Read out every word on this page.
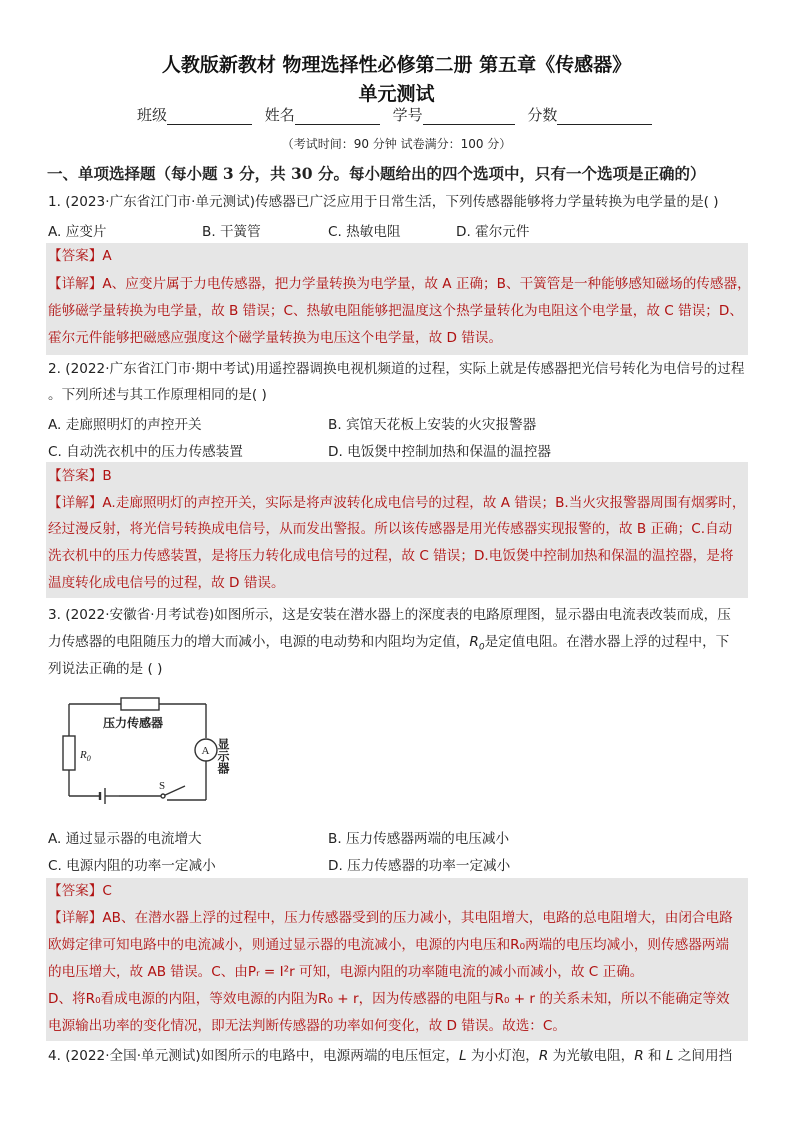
人教版新教材 物理选择性必修第二册 第五章《传感器》
单元测试
班级	姓名	学号	分数
（考试时间：90 分钟 试卷满分：100 分）
一、单项选择题（每小题 3 分，共 30 分。每小题给出的四个选项中，只有一个选项是正确的）
1. (2023·广东省江门市·单元测试)传感器已广泛应用于日常生活，下列传感器能够将力学量转换为电学量的是( )
A. 应变片	B. 干簧管	C. 热敏电阻	D. 霍尔元件
【答案】A
【详解】A、应变片属于力电传感器，把力学量转换为电学量，故 A 正确；B、干簧管是一种能够感知磁场的传感器，
能够磁学量转换为电学量，故 B 错误；C、热敏电阻能够把温度这个热学量转化为电阻这个电学量，故 C 错误；D、
霍尔元件能够把磁感应强度这个磁学量转换为电压这个电学量，故 D 错误。
2. (2022·广东省江门市·期中考试)用遥控器调换电视机频道的过程，实际上就是传感器把光信号转化为电信号的过程
。下列所述与其工作原理相同的是( )
A. 走廊照明灯的声控开关	B. 宾馆天花板上安装的火灾报警器
C. 自动洗衣机中的压力传感装置	D. 电饭煲中控制加热和保温的温控器
【答案】B
【详解】A.走廊照明灯的声控开关，实际是将声波转化成电信号的过程，故 A 错误；B.当火灾报警器周围有烟雾时，
经过漫反射，将光信号转换成电信号，从而发出警报。所以该传感器是用光传感器实现报警的，故 B 正确；C.自动
洗衣机中的压力传感装置，是将压力转化成电信号的过程，故 C 错误；D.电饭煲中控制加热和保温的温控器，是将
温度转化成电信号的过程，故 D 错误。
3. (2022·安徽省·月考试卷)如图所示，这是安装在潜水器上的深度表的电路原理图，显示器由电流表改装而成，压
力传感器的电阻随压力的增大而减小，电源的电动势和内阻均为定值，$R_0$是定值电阻。在潜水器上浮的过程中，下
列说法正确的是 ( )
压力传感器
A
S
$R_0$	显示器
A. 通过显示器的电流增大	B. 压力传感器两端的电压减小
C. 电源内阻的功率一定减小	D. 压力传感器的功率一定减小
【答案】C
【详解】AB、在潜水器上浮的过程中，压力传感器受到的压力减小，其电阻增大，电路的总电阻增大，由闭合电路
欧姆定律可知电路中的电流减小，则通过显示器的电流减小，电源的内电压和R₀两端的电压均减小，则传感器两端
的电压增大，故 AB 错误。C、由Pᵣ = I²r 可知，电源内阻的功率随电流的减小而减小，故 C 正确。
D、将R₀看成电源的内阻，等效电源的内阻为R₀ + r，因为传感器的电阻与R₀ + r 的关系未知，所以不能确定等效
电源输出功率的变化情况，即无法判断传感器的功率如何变化，故 D 错误。故选：C。
4. (2022·全国·单元测试)如图所示的电路中，电源两端的电压恒定，L 为小灯泡，R 为光敏电阻，R 和 L 之间用挡
